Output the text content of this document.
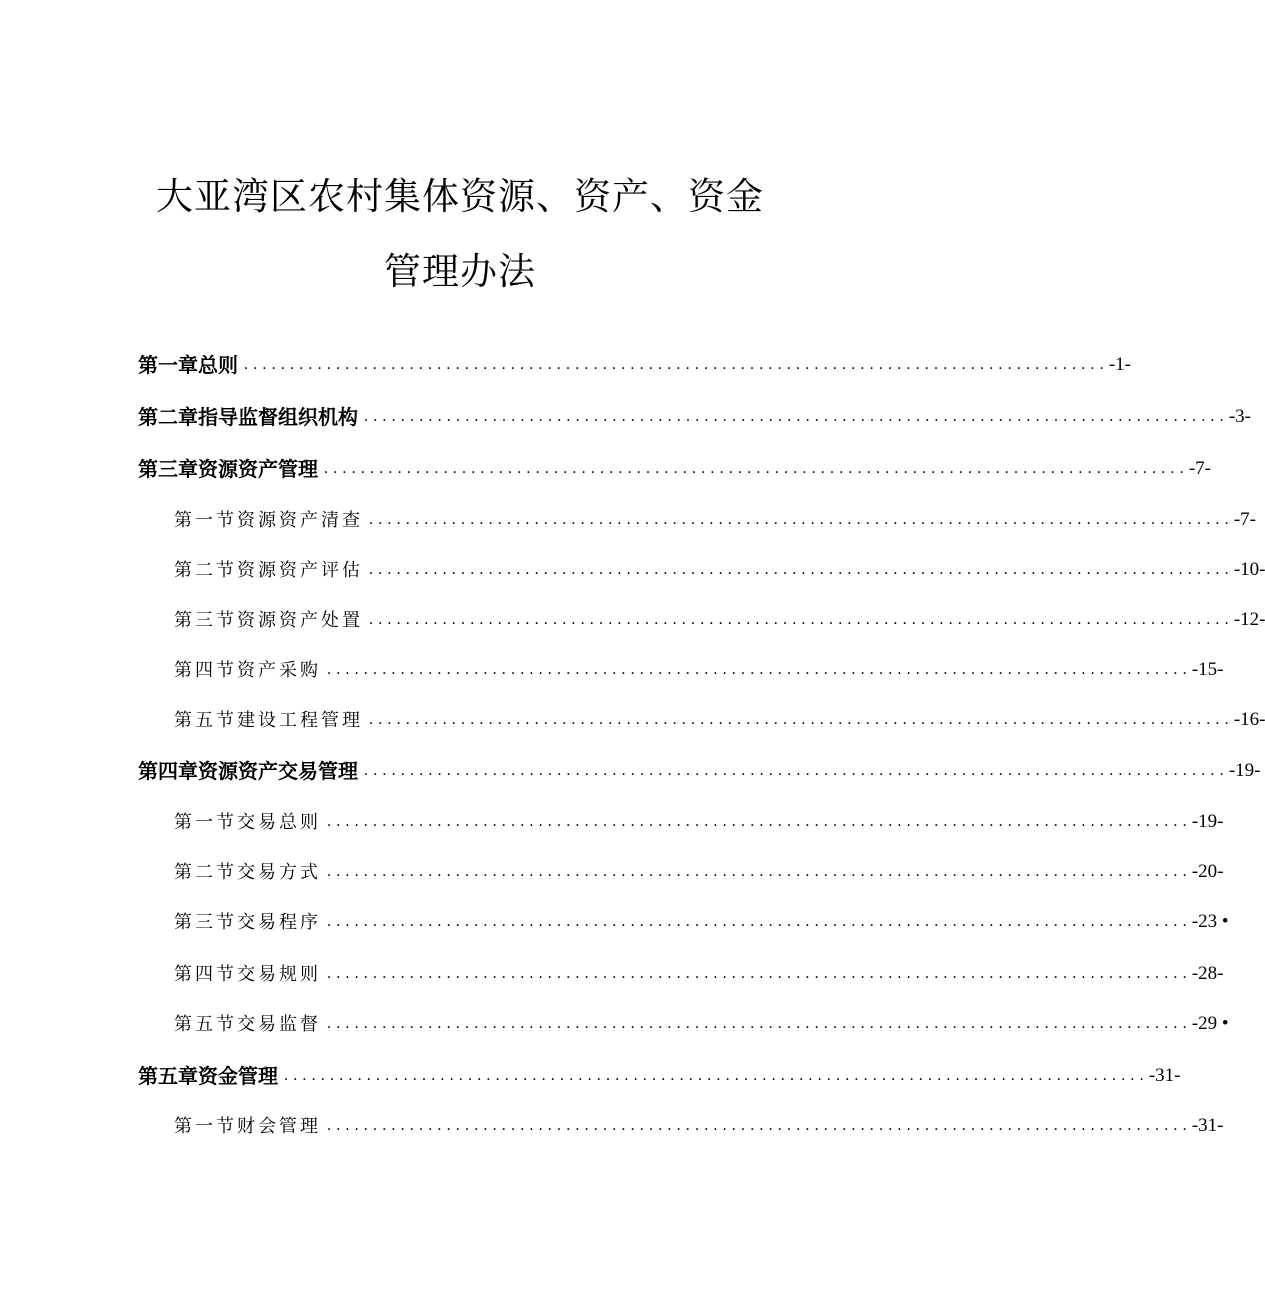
大亚湾区农村集体资源、资产、资金
管理办法
第一章总则 .............................................................................................. -1-
第二章指导监督组织机构 .............................................................................................. -3-
第三章资源资产管理 .............................................................................................. -7-
第一节资源资产清查 .............................................................................................. -7-
第二节资源资产评估 .............................................................................................. -10-
第三节资源资产处置 .............................................................................................. -12-
第四节资产采购 .............................................................................................. -15-
第五节建设工程管理 .............................................................................................. -16-
第四章资源资产交易管理 .............................................................................................. -19-
第一节交易总则 .............................................................................................. -19-
第二节交易方式 .............................................................................................. -20-
第三节交易程序 .............................................................................................. -23 •
第四节交易规则 .............................................................................................. -28-
第五节交易监督 .............................................................................................. -29 •
第五章资金管理 .............................................................................................. -31-
第一节财会管理 .............................................................................................. -31-
